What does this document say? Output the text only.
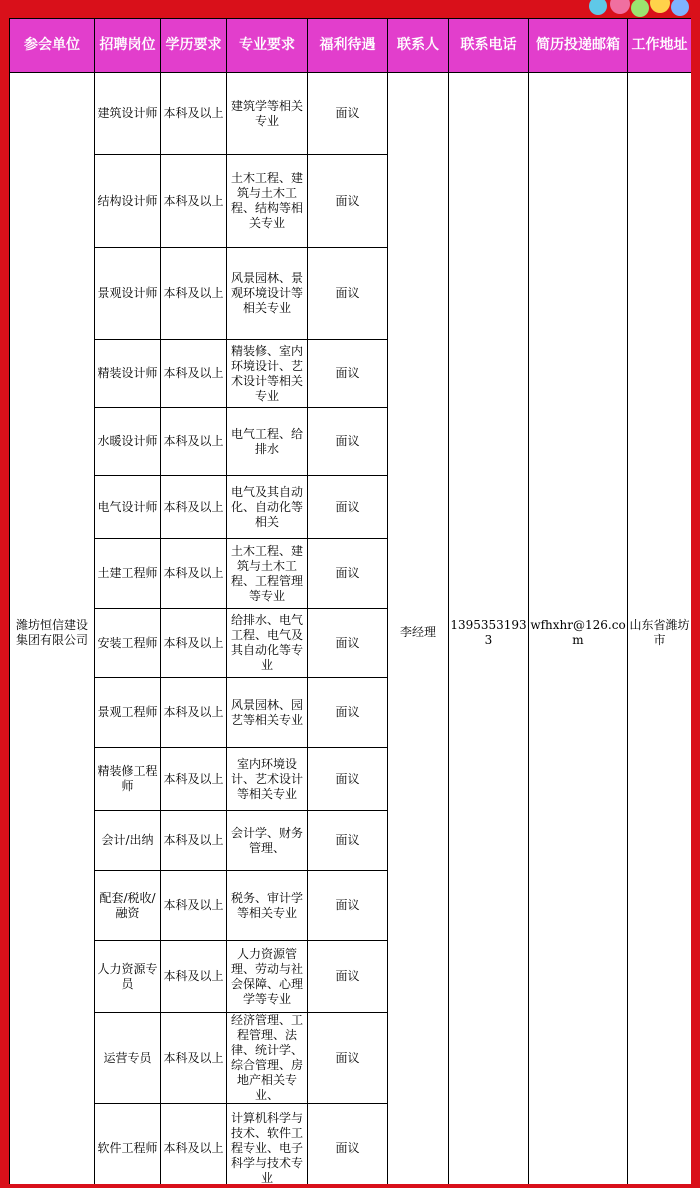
参会单位	招聘岗位	学历要求	专业要求	福利待遇	联系人	联系电话	简历投递邮箱	工作地址
潍坊恒信建设集团有限公司	建筑设计师	本科及以上	建筑学等相关专业	面议	李经理	13953531933	wfhxhr@126.com	山东省潍坊市
	结构设计师	本科及以上	土木工程、建筑与土木工程、结构等相关专业	面议				
	景观设计师	本科及以上	风景园林、景观环境设计等相关专业	面议				
	精装设计师	本科及以上	精装修、室内环境设计、艺术设计等相关专业	面议				
	水暖设计师	本科及以上	电气工程、给排水	面议				
	电气设计师	本科及以上	电气及其自动化、自动化等相关	面议				
	土建工程师	本科及以上	土木工程、建筑与土木工程、工程管理等专业	面议				
	安装工程师	本科及以上	给排水、电气工程、电气及其自动化等专业	面议				
	景观工程师	本科及以上	风景园林、园艺等相关专业	面议				
	精装修工程师	本科及以上	室内环境设计、艺术设计等相关专业	面议				
	会计/出纳	本科及以上	会计学、财务管理、	面议				
	配套/税收/融资	本科及以上	税务、审计学等相关专业	面议				
	人力资源专员	本科及以上	人力资源管理、劳动与社会保障、心理学等专业	面议				
	运营专员	本科及以上	经济管理、工程管理、法律、统计学、综合管理、房地产相关专业、	面议				
	软件工程师	本科及以上	计算机科学与技术、软件工程专业、电子科学与技术专业	面议				
